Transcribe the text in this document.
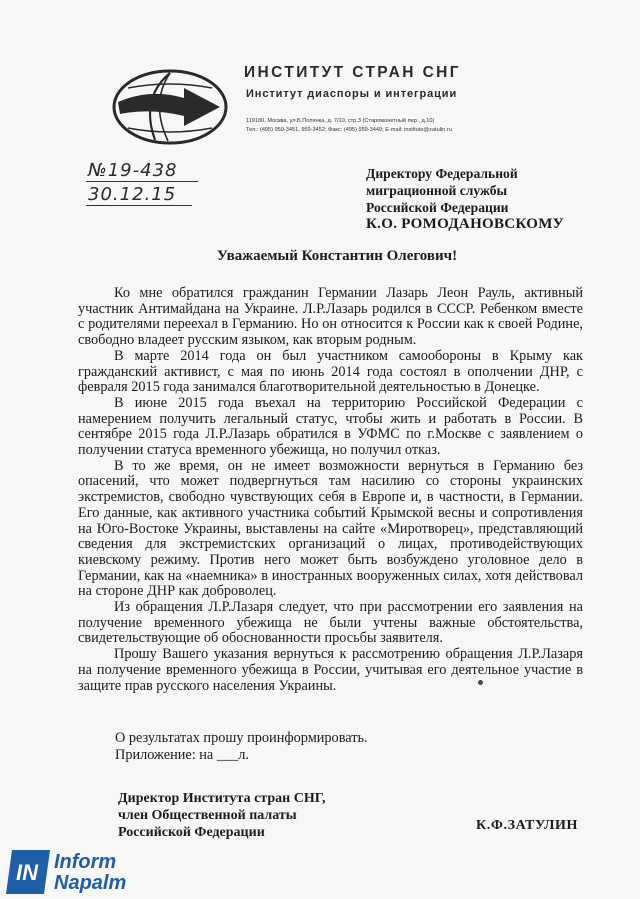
ИНСТИТУТ СТРАН СНГ
Институт диаспоры и интеграции
119180, Москва, ул.Б.Полянка, д. 7/10, стр.3 (Старомонетный пер., д.10)
Тел.: (495) 959-3451, 959-3452; Факс: (495) 959-3449; E-mail: institute@zatulin.ru
№19-438
30.12.15
Директору Федеральной
миграционной службы
Российской Федерации
К.О. РОМОДАНОВСКОМУ
Уважаемый Константин Олегович!

Ко мне обратился гражданин Германии Лазарь Леон Рауль, активный участник Антимайдана на Украине. Л.Р.Лазарь родился в СССР. Ребенком вместе с родителями переехал в Германию. Но он относится к России как к своей Родине, свободно владеет русским языком, как вторым родным.

В марте 2014 года он был участником самообороны в Крыму как гражданский активист, с мая по июнь 2014 года состоял в ополчении ДНР, с февраля 2015 года занимался благотворительной деятельностью в Донецке.

В июне 2015 года въехал на территорию Российской Федерации с намерением получить легальный статус, чтобы жить и работать в России. В сентябре 2015 года Л.Р.Лазарь обратился в УФМС по г.Москве с заявлением о получении статуса временного убежища, но получил отказ.

В то же время, он не имеет возможности вернуться в Германию без опасений, что может подвергнуться там насилию со стороны украинских экстремистов, свободно чувствующих себя в Европе и, в частности, в Германии. Его данные, как активного участника событий Крымской весны и сопротивления на Юго-Востоке Украины, выставлены на сайте «Миротворец», представляющий сведения для экстремистских организаций о лицах, противодействующих киевскому режиму. Против него может быть возбуждено уголовное дело в Германии, как на «наемника» в иностранных вооруженных силах, хотя действовал на стороне ДНР как доброволец.

Из обращения Л.Р.Лазаря следует, что при рассмотрении его заявления на получение временного убежища не были учтены важные обстоятельства, свидетельствующие об обоснованности просьбы заявителя.

Прошу Вашего указания вернуться к рассмотрению обращения Л.Р.Лазаря на получение временного убежища в России, учитывая его деятельное участие в защите прав русского населения Украины.

О результатах прошу проинформировать.
Приложение: на ___л.
Директор Института стран СНГ,
член Общественной палаты
Российской Федерации	К.Ф.ЗАТУЛИН
IN Inform
Napalm
